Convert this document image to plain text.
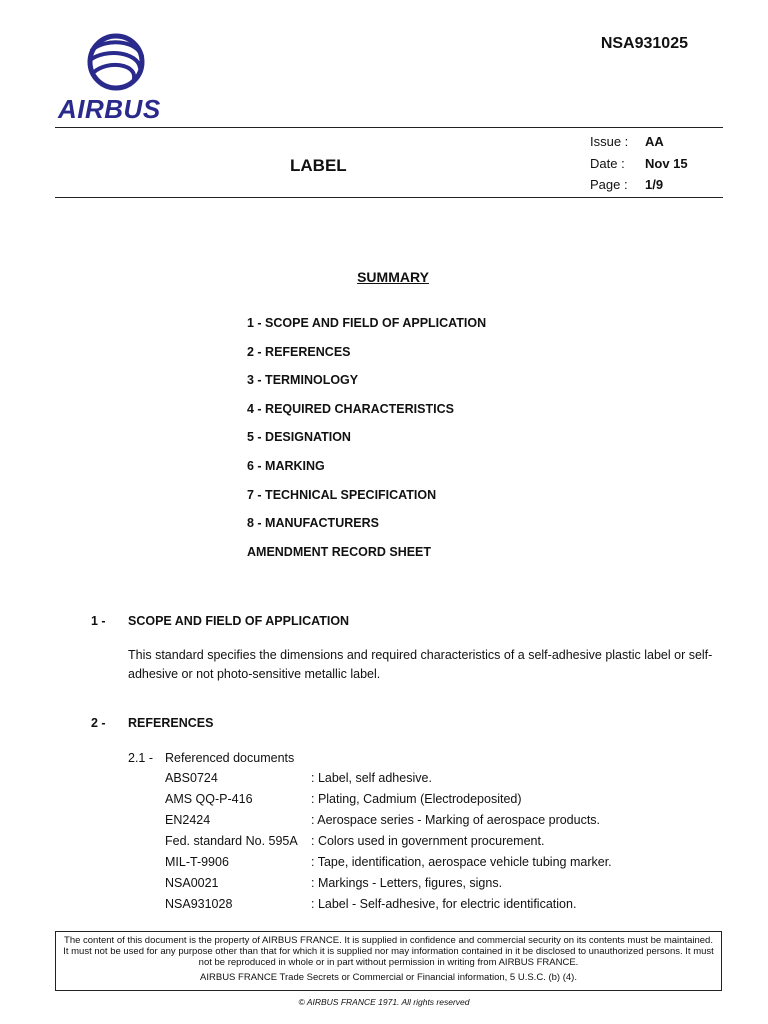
AIRBUS
NSA931025
LABEL
Issue : AA
Date : Nov 15
Page : 1/9
SUMMARY
1 - SCOPE AND FIELD OF APPLICATION
2 - REFERENCES
3 - TERMINOLOGY
4 - REQUIRED CHARACTERISTICS
5 - DESIGNATION
6 - MARKING
7 - TECHNICAL SPECIFICATION
8 - MANUFACTURERS
AMENDMENT RECORD SHEET
1 - SCOPE AND FIELD OF APPLICATION
This standard specifies the dimensions and required characteristics of a self-adhesive plastic label or self-adhesive or not photo-sensitive metallic label.
2 - REFERENCES
2.1 - Referenced documents
ABS0724	: Label, self adhesive.
AMS QQ-P-416	: Plating, Cadmium (Electrodeposited)
EN2424	: Aerospace series - Marking of aerospace products.
Fed. standard No. 595A	: Colors used in government procurement.
MIL-T-9906	: Tape, identification, aerospace vehicle tubing marker.
NSA0021	: Markings - Letters, figures, signs.
NSA931028	: Label - Self-adhesive, for electric identification.

The content of this document is the property of AIRBUS FRANCE. It is supplied in confidence and commercial security on its contents must be maintained. It must not be used for any purpose other than that for which it is supplied nor may information contained in it be disclosed to unauthorized persons. It must not be reproduced in whole or in part without permission in writing from AIRBUS FRANCE.

AIRBUS FRANCE Trade Secrets or Commercial or Financial information, 5 U.S.C. (b) (4).

© AIRBUS FRANCE 1971. All rights reserved
